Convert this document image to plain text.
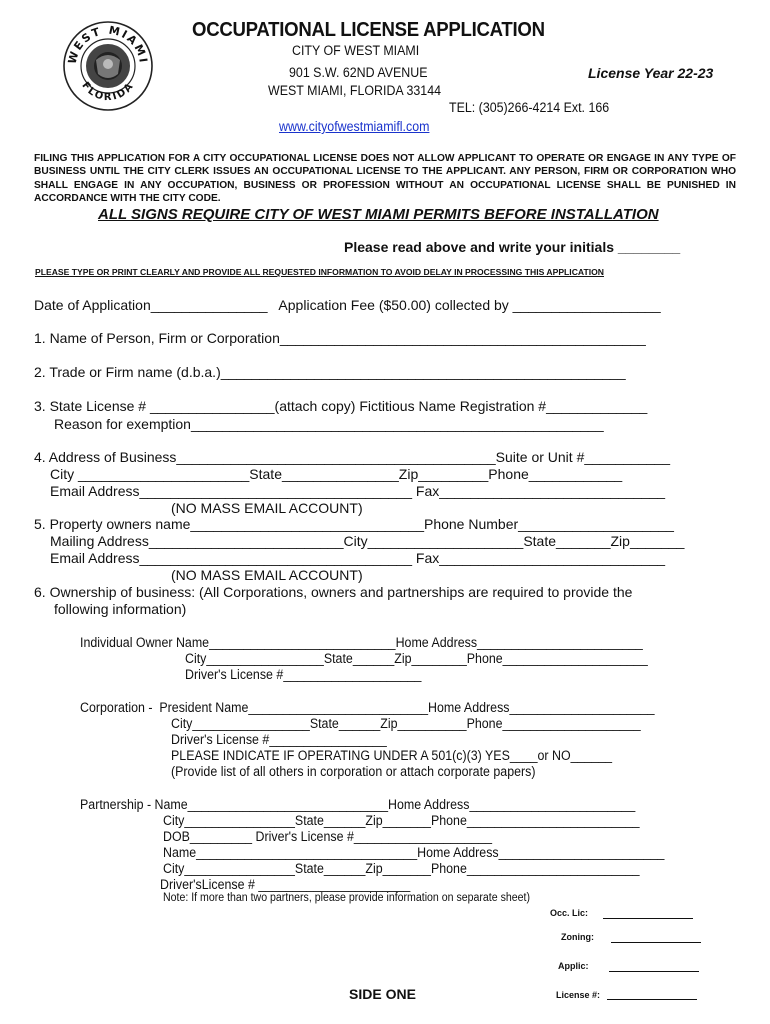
WEST MIAMI
FLORIDA
OCCUPATIONAL LICENSE APPLICATION
CITY OF WEST MIAMI
901 S.W. 62ND AVENUE
WEST MIAMI, FLORIDA 33144
License Year 22-23
TEL: (305)266-4214 Ext. 166
www.cityofwestmiamifl.com
FILING THIS APPLICATION FOR A CITY OCCUPATIONAL LICENSE DOES NOT ALLOW APPLICANT TO OPERATE OR ENGAGE IN ANY TYPE OF BUSINESS UNTIL THE CITY CLERK ISSUES AN OCCUPATIONAL LICENSE TO THE APPLICANT. ANY PERSON, FIRM OR CORPORATION WHO SHALL ENGAGE IN ANY OCCUPATION, BUSINESS OR PROFESSION WITHOUT AN OCCUPATIONAL LICENSE SHALL BE PUNISHED IN ACCORDANCE WITH THE CITY CODE.
ALL SIGNS REQUIRE CITY OF WEST MIAMI PERMITS BEFORE INSTALLATION
Please read above and write your initials ________
PLEASE TYPE OR PRINT CLEARLY AND PROVIDE ALL REQUESTED INFORMATION TO AVOID DELAY IN PROCESSING THIS APPLICATION
Date of Application_______________   Application Fee ($50.00) collected by ___________________
1. Name of Person, Firm or Corporation_______________________________________________
2. Trade or Firm name (d.b.a.)____________________________________________________
3. State License # ________________(attach copy) Fictitious Name Registration #_____________
Reason for exemption_____________________________________________________
4. Address of Business_________________________________________Suite or Unit #___________
City ______________________State_______________Zip_________Phone____________
Email Address___________________________________ Fax_____________________________
(NO MASS EMAIL ACCOUNT)
5. Property owners name______________________________Phone Number____________________
Mailing Address_________________________City____________________State_______Zip_______
Email Address___________________________________ Fax_____________________________
(NO MASS EMAIL ACCOUNT)
6. Ownership of business: (All Corporations, owners and partnerships are required to provide the
following information)
Individual Owner Name___________________________Home Address________________________
City_________________State______Zip________Phone_____________________
Driver's License #____________________
Corporation -  President Name__________________________Home Address_____________________
City_________________State______Zip__________Phone____________________
Driver's License #_________________
PLEASE INDICATE IF OPERATING UNDER A 501(c)(3) YES____or NO______
(Provide list of all others in corporation or attach corporate papers)
Partnership - Name_____________________________Home Address________________________
City________________State______Zip_______Phone_________________________
DOB_________ Driver's License #____________________
Name________________________________Home Address________________________
City________________State______Zip_______Phone_________________________
Driver'sLicense # ______________________
Note: If more than two partners, please provide information on separate sheet)
Occ. Lic:
Zoning:
Applic:
License #:
SIDE ONE
